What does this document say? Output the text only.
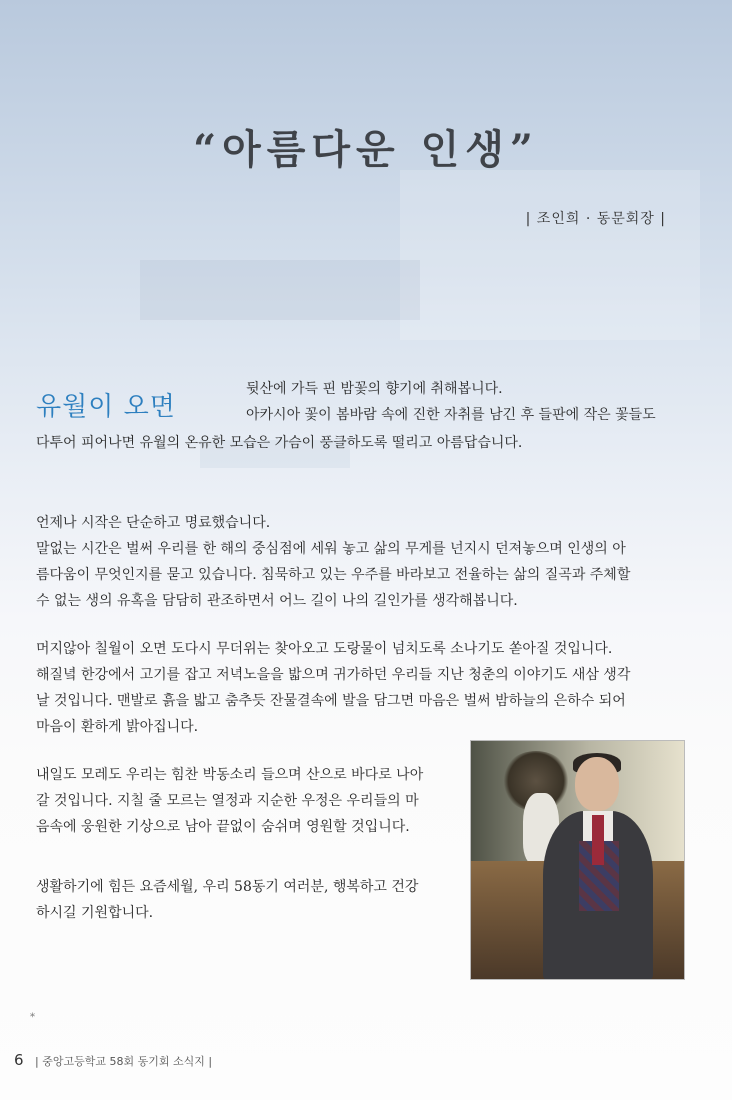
“아름다운 인생”
| 조인희 · 동문회장 |
유월이 오면
뒷산에 가득 핀 밤꽃의 향기에 취해봅니다.
아카시아 꽃이 봄바람 속에 진한 자취를 남긴 후 들판에 작은 꽃들도
다투어 피어나면 유월의 온유한 모습은 가슴이 풍클하도록 떨리고 아름답습니다.
언제나 시작은 단순하고 명료했습니다.
말없는 시간은 벌써 우리를 한 해의 중심점에 세워 놓고 삶의 무게를 넌지시 던져놓으며 인생의 아
름다움이 무엇인지를 묻고 있습니다. 침묵하고 있는 우주를 바라보고 전율하는 삶의 질곡과 주체할
수 없는 생의 유혹을 담담히 관조하면서 어느 길이 나의 길인가를 생각해봅니다.
머지않아 칠월이 오면 도다시 무더위는 찾아오고 도랑물이 넘치도록 소나기도 쏟아질 것입니다.
해질녘 한강에서 고기를 잡고 저녁노을을 밟으며 귀가하던 우리들 지난 청춘의 이야기도 새삼 생각
날 것입니다. 맨발로 흙을 밟고 춤추듯 잔물결속에 발을 담그면 마음은 벌써 밤하늘의 은하수 되어
마음이 환하게 밝아집니다.
내일도 모레도 우리는 힘찬 박동소리 들으며 산으로 바다로 나아
갈 것입니다. 지칠 줄 모르는 열정과 지순한 우정은 우리들의 마
음속에 웅원한 기상으로 남아 끝없이 숨쉬며 영원할 것입니다.
생활하기에 힘든 요즘세월, 우리 58동기 여러분, 행복하고 건강
하시길 기원합니다.
*
6 | 중앙고등학교 58회 동기회 소식지 |
